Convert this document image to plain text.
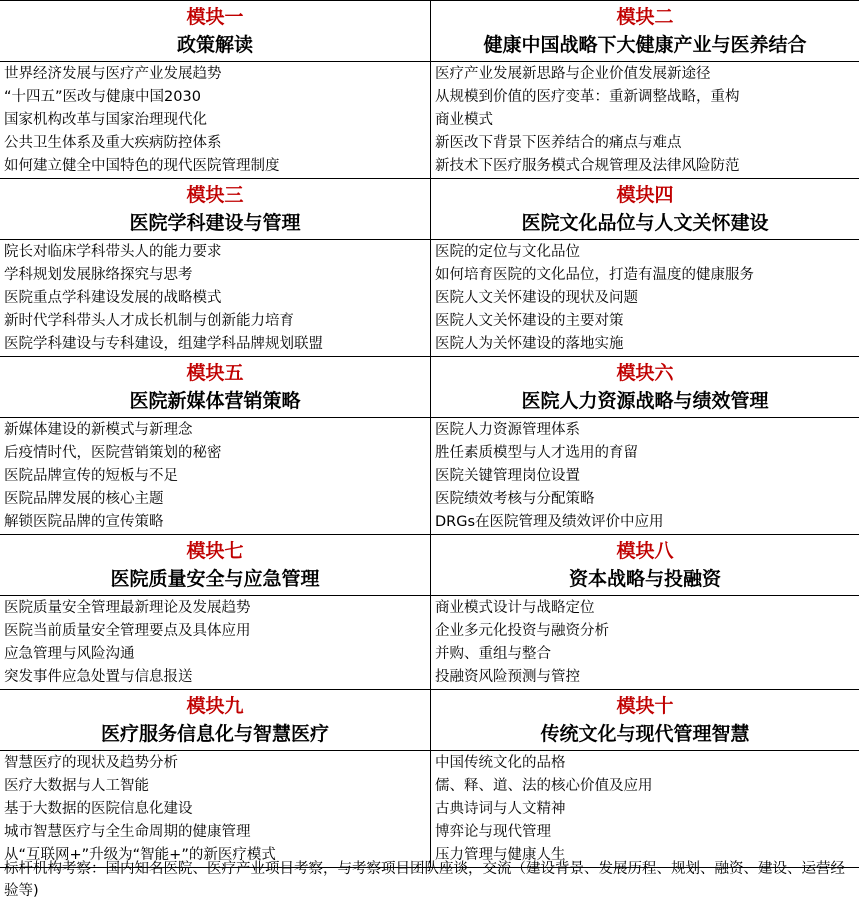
模块一
政策解读
世界经济发展与医疗产业发展趋势
“十四五”医改与健康中国2030
国家机构改革与国家治理现代化
公共卫生体系及重大疾病防控体系
如何建立健全中国特色的现代医院管理制度
模块二
健康中国战略下大健康产业与医养结合
医疗产业发展新思路与企业价值发展新途径
从规模到价值的医疗变革：重新调整战略，重构
商业模式
新医改下背景下医养结合的痛点与难点
新技术下医疗服务模式合规管理及法律风险防范
模块三
医院学科建设与管理
院长对临床学科带头人的能力要求
学科规划发展脉络探究与思考
医院重点学科建设发展的战略模式
新时代学科带头人才成长机制与创新能力培育
医院学科建设与专科建设，组建学科品牌规划联盟
模块四
医院文化品位与人文关怀建设
医院的定位与文化品位
如何培育医院的文化品位，打造有温度的健康服务
医院人文关怀建设的现状及问题
医院人文关怀建设的主要对策
医院人为关怀建设的落地实施
模块五
医院新媒体营销策略
新媒体建设的新模式与新理念
后疫情时代，医院营销策划的秘密
医院品牌宣传的短板与不足
医院品牌发展的核心主题
解锁医院品牌的宣传策略
模块六
医院人力资源战略与绩效管理
医院人力资源管理体系
胜任素质模型与人才选用的育留
医院关键管理岗位设置
医院绩效考核与分配策略
DRGs在医院管理及绩效评价中应用
模块七
医院质量安全与应急管理
医院质量安全管理最新理论及发展趋势
医院当前质量安全管理要点及具体应用
应急管理与风险沟通
突发事件应急处置与信息报送
模块八
资本战略与投融资
商业模式设计与战略定位
企业多元化投资与融资分析
并购、重组与整合
投融资风险预测与管控
模块九
医疗服务信息化与智慧医疗
智慧医疗的现状及趋势分析
医疗大数据与人工智能
基于大数据的医院信息化建设
城市智慧医疗与全生命周期的健康管理
从“互联网+”升级为“智能+”的新医疗模式
模块十
传统文化与现代管理智慧
中国传统文化的品格
儒、释、道、法的核心价值及应用
古典诗词与人文精神
博弈论与现代管理
压力管理与健康人生
标杆机构考察：国内知名医院、医疗产业项目考察，与考察项目团队座谈，交流（建设背景、发展历程、规划、融资、建设、运营经验等)
